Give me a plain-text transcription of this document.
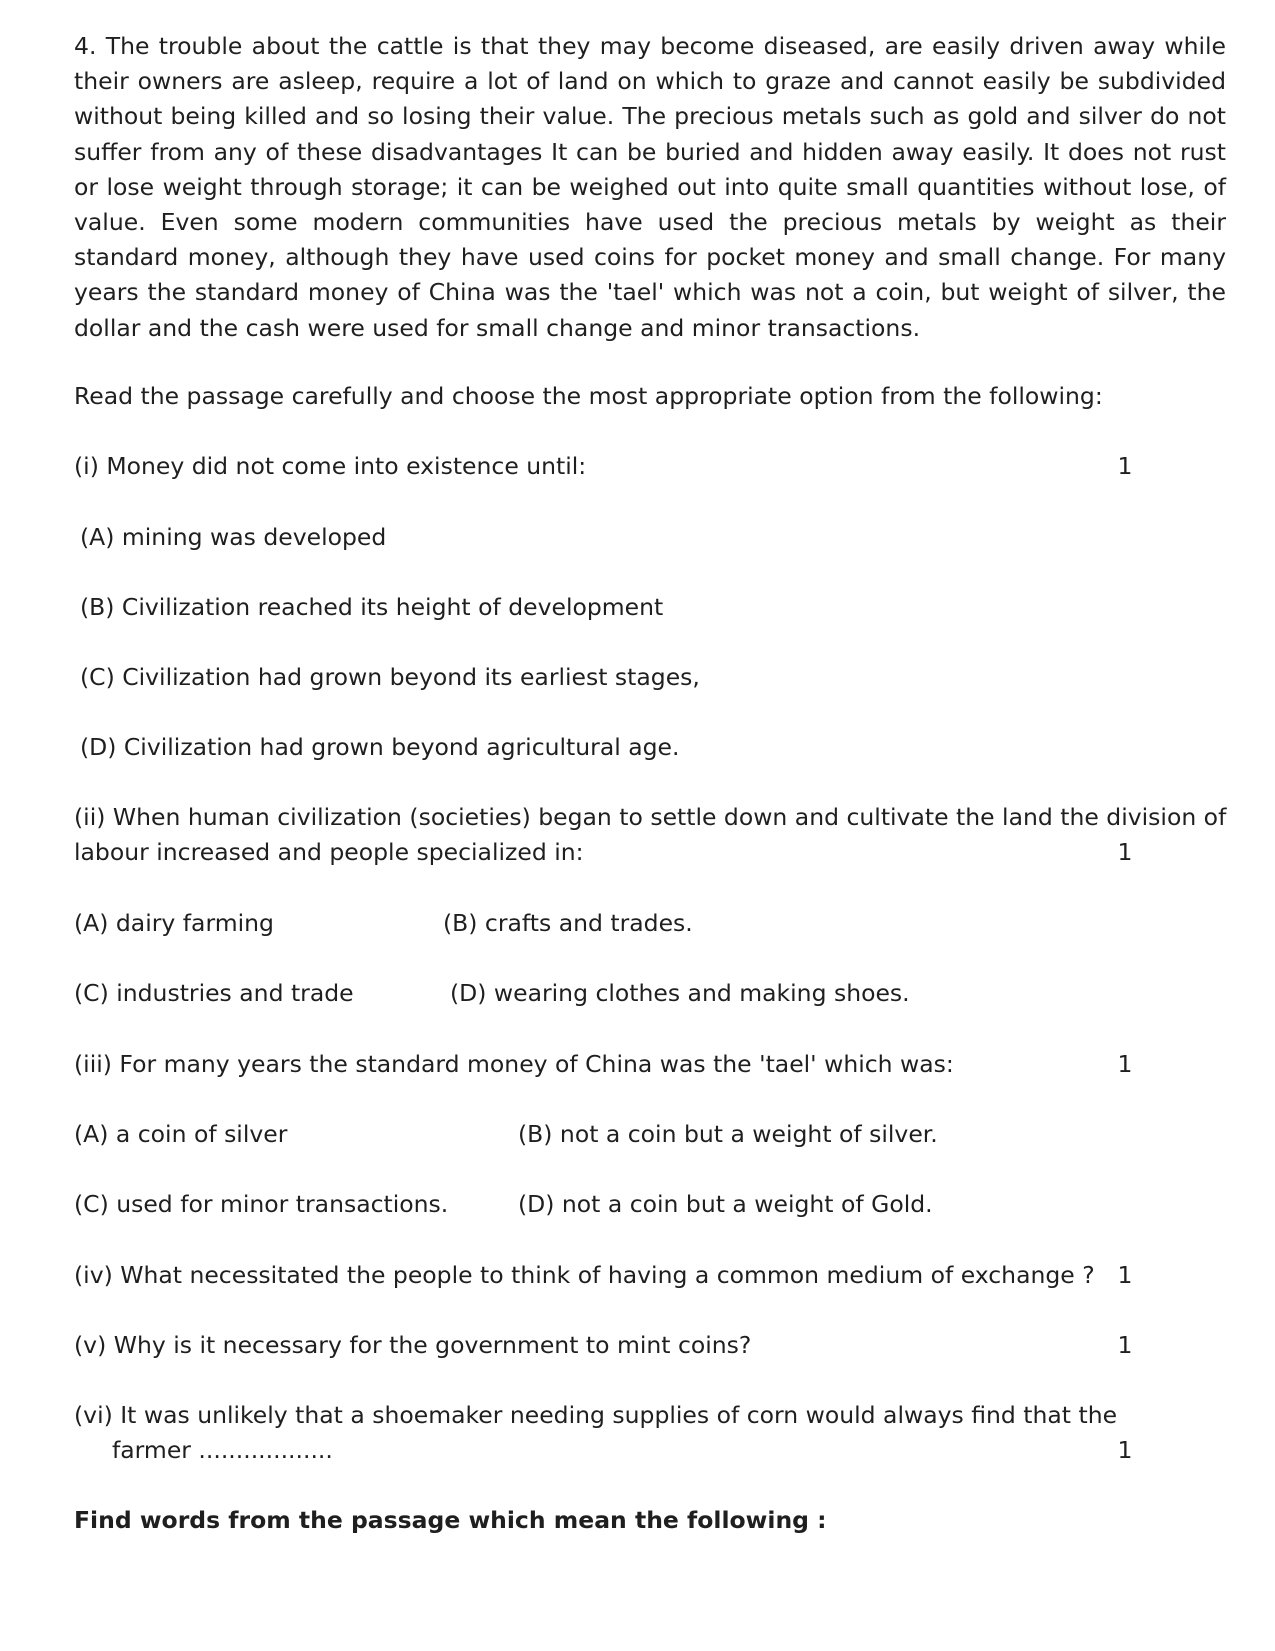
4. The trouble about the cattle is that they may become diseased, are easily driven away while their owners are asleep, require a lot of land on which to graze and cannot easily be subdivided without being killed and so losing their value. The precious metals such as gold and silver do not suffer from any of these disadvantages It can be buried and hidden away easily. It does not rust or lose weight through storage; it can be weighed out into quite small quantities without lose, of value. Even some modern communities have used the precious metals by weight as their standard money, although they have used coins for pocket money and small change. For many years the standard money of China was the 'tael' which was not a coin, but weight of silver, the dollar and the cash were used for small change and minor transactions.
Read the passage carefully and choose the most appropriate option from the following:
(i) Money did not come into existence until:	1
(A) mining was developed
(B) Civilization reached its height of development
(C) Civilization had grown beyond its earliest stages,
(D) Civilization had grown beyond agricultural age.
(ii) When human civilization (societies) began to settle down and cultivate the land the division of
labour increased and people specialized in:	1
(A) dairy farming	(B) crafts and trades.
(C) industries and trade	(D) wearing clothes and making shoes.
(iii) For many years the standard money of China was the 'tael' which was:	1
(A) a coin of silver	(B) not a coin but a weight of silver.
(C) used for minor transactions.	(D) not a coin but a weight of Gold.
(iv) What necessitated the people to think of having a common medium of exchange ? 1
(v) Why is it necessary for the government to mint coins?	1
(vi) It was unlikely that a shoemaker needing supplies of corn would always find that the
farmer ..................	1
Find words from the passage which mean the following :
